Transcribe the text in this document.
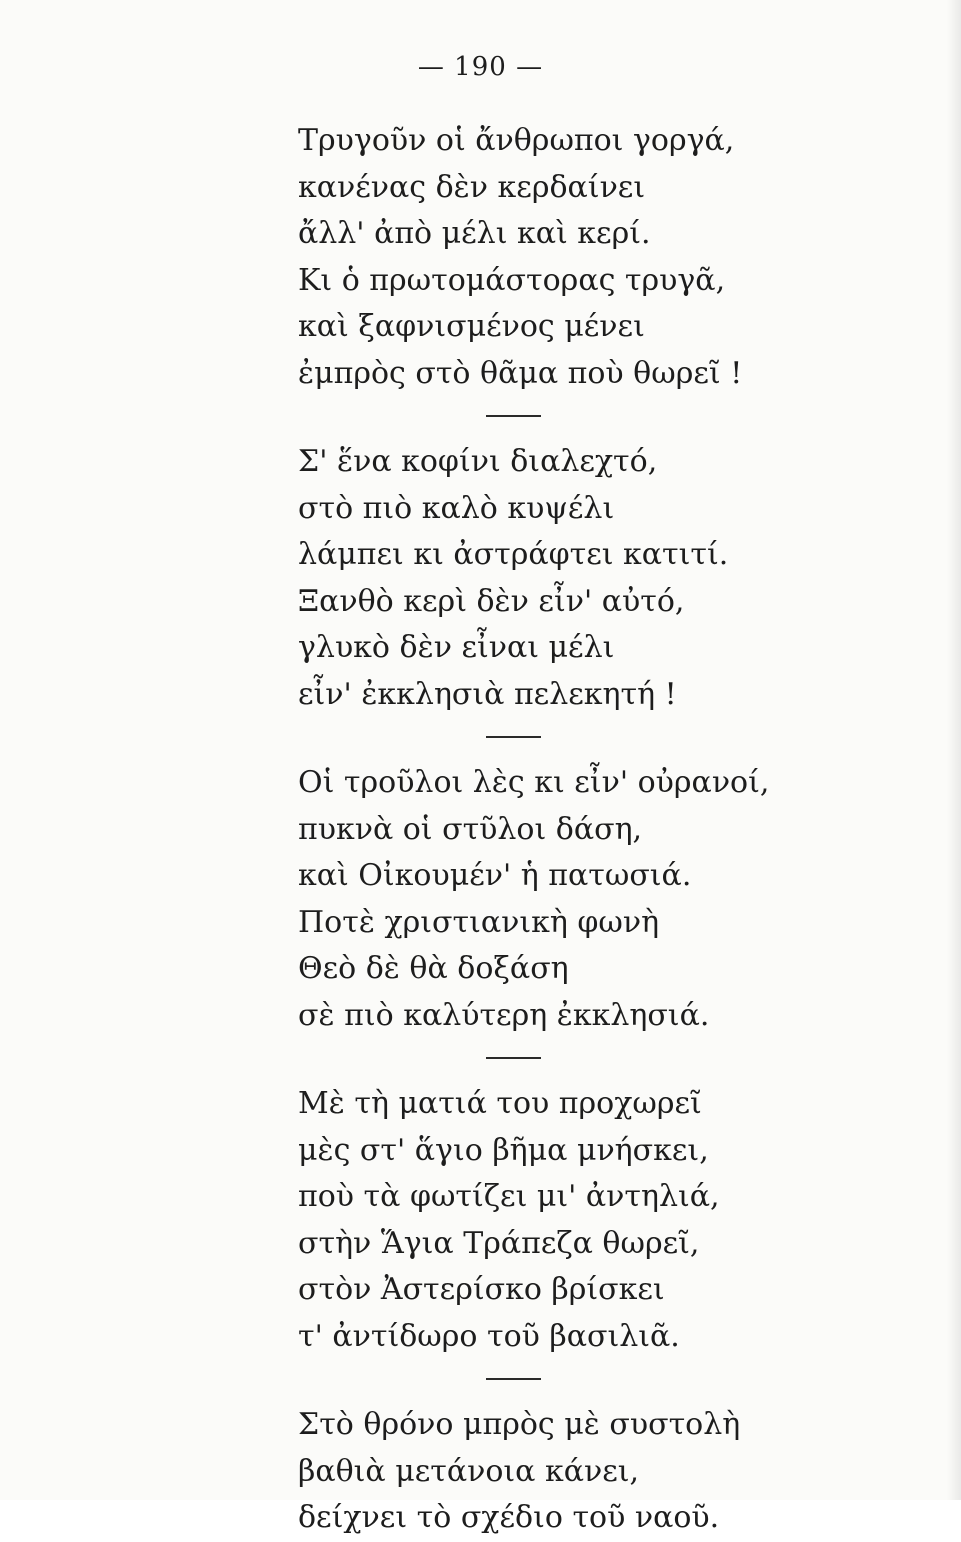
— 190 —
Τρυγοῦν οἱ ἄνθρωποι γοργά,
κανένας δὲν κερδαίνει
ἄλλ' ἀπὸ μέλι καὶ κερί.
Κι ὁ πρωτομάστορας τρυγᾶ,
καὶ ξαφνισμένος μένει
ἐμπρὸς στὸ θᾶμα ποὺ θωρεῖ !
Σ' ἕνα κοφίνι διαλεχτό,
στὸ πιὸ καλὸ κυψέλι
λάμπει κι ἀστράφτει κατιτί.
Ξανθὸ κερὶ δὲν εἶν' αὐτό,
γλυκὸ δὲν εἶναι μέλι
εἶν' ἐκκλησιὰ πελεκητή !
Οἱ τροῦλοι λὲς κι εἶν' οὐρανοί,
πυκνὰ οἱ στῦλοι δάση,
καὶ Οἰκουμέν' ἡ πατωσιά.
Ποτὲ χριστιανικὴ φωνὴ
Θεὸ δὲ θὰ δοξάση
σὲ πιὸ καλύτερη ἐκκλησιά.
Μὲ τὴ ματιά του προχωρεῖ
μὲς στ' ἅγιο βῆμα μνήσκει,
ποὺ τὰ φωτίζει μι' ἀντηλιά,
στὴν Ἅγια Τράπεζα θωρεῖ,
στὸν Ἀστερίσκο βρίσκει
τ' ἀντίδωρο τοῦ βασιλιᾶ.
Στὸ θρόνο μπρὸς μὲ συστολὴ
βαθιὰ μετάνοια κάνει,
δείχνει τὸ σχέδιο τοῦ ναοῦ.
